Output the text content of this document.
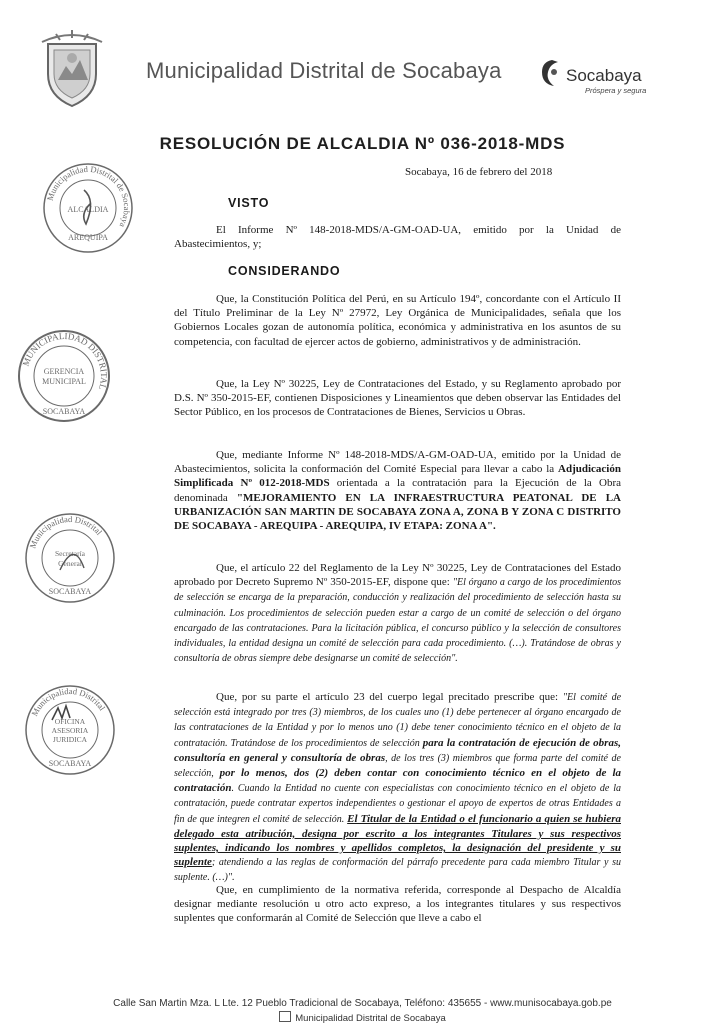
Municipalidad Distrital de Socabaya	Socabaya
Próspera y segura
RESOLUCIÓN DE ALCALDIA Nº 036-2018-MDS
Socabaya, 16 de febrero del 2018
VISTO
El Informe Nº 148-2018-MDS/A-GM-OAD-UA, emitido por la Unidad de Abastecimientos, y;
CONSIDERANDO
Que, la Constitución Política del Perú, en su Artículo 194º, concordante con el Artículo II del Título Preliminar de la Ley Nº 27972, Ley Orgánica de Municipalidades, señala que los Gobiernos Locales gozan de autonomía política, económica y administrativa en los asuntos de su competencia, con facultad de ejercer actos de gobierno, administrativos y de administración.
Que, la Ley Nº 30225, Ley de Contrataciones del Estado, y su Reglamento aprobado por D.S. Nº 350-2015-EF, contienen Disposiciones y Lineamientos que deben observar las Entidades del Sector Público, en los procesos de Contrataciones de Bienes, Servicios u Obras.
Que, mediante Informe Nº 148-2018-MDS/A-GM-OAD-UA, emitido por la Unidad de Abastecimientos, solicita la conformación del Comité Especial para llevar a cabo la Adjudicación Simplificada Nº 012-2018-MDS orientada a la contratación para la Ejecución de la Obra denominada "MEJORAMIENTO EN LA INFRAESTRUCTURA PEATONAL DE LA URBANIZACIÓN SAN MARTIN DE SOCABAYA ZONA A, ZONA B Y ZONA C DISTRITO DE SOCABAYA - AREQUIPA - AREQUIPA, IV ETAPA: ZONA A".
Que, el artículo 22 del Reglamento de la Ley Nº 30225, Ley de Contrataciones del Estado aprobado por Decreto Supremo Nº 350-2015-EF, dispone que: "El órgano a cargo de los procedimientos de selección se encarga de la preparación, conducción y realización del procedimiento de selección hasta su culminación. Los procedimientos de selección pueden estar a cargo de un comité de selección o del órgano encargado de las contrataciones. Para la licitación pública, el concurso público y la selección de consultores individuales, la entidad designa un comité de selección para cada procedimiento. (…). Tratándose de obras y consultoría de obras siempre debe designarse un comité de selección".
Que, por su parte el artículo 23 del cuerpo legal precitado prescribe que: "El comité de selección está integrado por tres (3) miembros, de los cuales uno (1) debe pertenecer al órgano encargado de las contrataciones de la Entidad y por lo menos uno (1) debe tener conocimiento técnico en el objeto de la contratación. Tratándose de los procedimientos de selección para la contratación de ejecución de obras, consultoría en general y consultoría de obras, de los tres (3) miembros que forma parte del comité de selección, por lo menos, dos (2) deben contar con conocimiento técnico en el objeto de la contratación. Cuando la Entidad no cuente con especialistas con conocimiento técnico en el objeto de la contratación, puede contratar expertos independientes o gestionar el apoyo de expertos de otras Entidades a fin de que integren el comité de selección. El Titular de la Entidad o el funcionario a quien se hubiera delegado esta atribución, designa por escrito a los integrantes Titulares y sus respectivos suplentes, indicando los nombres y apellidos completos, la designación del presidente y su suplente; atendiendo a las reglas de conformación del párrafo precedente para cada miembro Titular y su suplente. (…)".
Que, en cumplimiento de la normativa referida, corresponde al Despacho de Alcaldía designar mediante resolución u otro acto expreso, a los integrantes titulares y sus respectivos suplentes que conformarán al Comité de Selección que lleve a cabo el
Municipalidad Distrital de Socabaya
ALCALDIA
AREQUIPA
MUNICIPALIDAD DISTRITAL
GERENCIA
MUNICIPAL
SOCABAYA
Municipalidad Distrital
Secretaría
General
SOCABAYA
Municipalidad Distrital
OFICINA
ASESORIA
JURIDICA
SOCABAYA
Calle San Martin Mza. L Lte. 12 Pueblo Tradicional de Socabaya, Teléfono: 435655 - www.munisocabaya.gob.pe
Municipalidad Distrital de Socabaya
